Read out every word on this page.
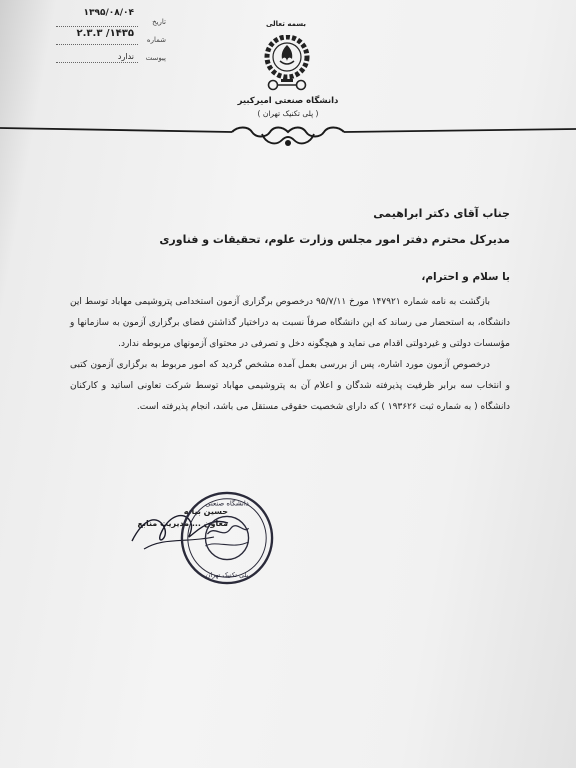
تاریخ
۱۳۹۵/۰۸/۰۴
شماره
۱۴۳۵/ ۲.۳.۳
پیوست
ندارد
بسمه تعالی
دانشگاه صنعتی امیرکبیر
( پلی تکنیک تهران )
جناب آقای دکتر ابراهیمی
مدیرکل محترم دفتر امور مجلس وزارت علوم، تحقیقات و فناوری
با سلام و احترام،
بازگشت به نامه شماره ۱۴۷۹۲۱ مورخ ۹۵/۷/۱۱ درخصوص برگزاری آزمون استخدامی پتروشیمی مهاباد توسط این دانشگاه، به استحضار می رساند که این دانشگاه صرفاً نسبت به دراختیار گذاشتن فضای برگزاری آزمون به سازمانها و مؤسسات دولتی و غیردولتی اقدام می نماید و هیچگونه دخل و تصرفی در محتوای آزمونهای مربوطه ندارد.
درخصوص آزمون مورد اشاره، پس از بررسی بعمل آمده مشخص گردید که امور مربوط به برگزاری آزمون کتبی و انتخاب سه برابر ظرفیت پذیرفته شدگان و اعلام آن به پتروشیمی مهاباد توسط شرکت تعاونی اساتید و کارکنان دانشگاه ( به شماره ثبت ۱۹۳۶۲۶ ) که دارای شخصیت حقوقی مستقل می باشد، انجام پذیرفته است.
حسین بیانه
معاون ... مدیریت منابع
دانشگاه صنعتی
پلی تکنیک تهران
